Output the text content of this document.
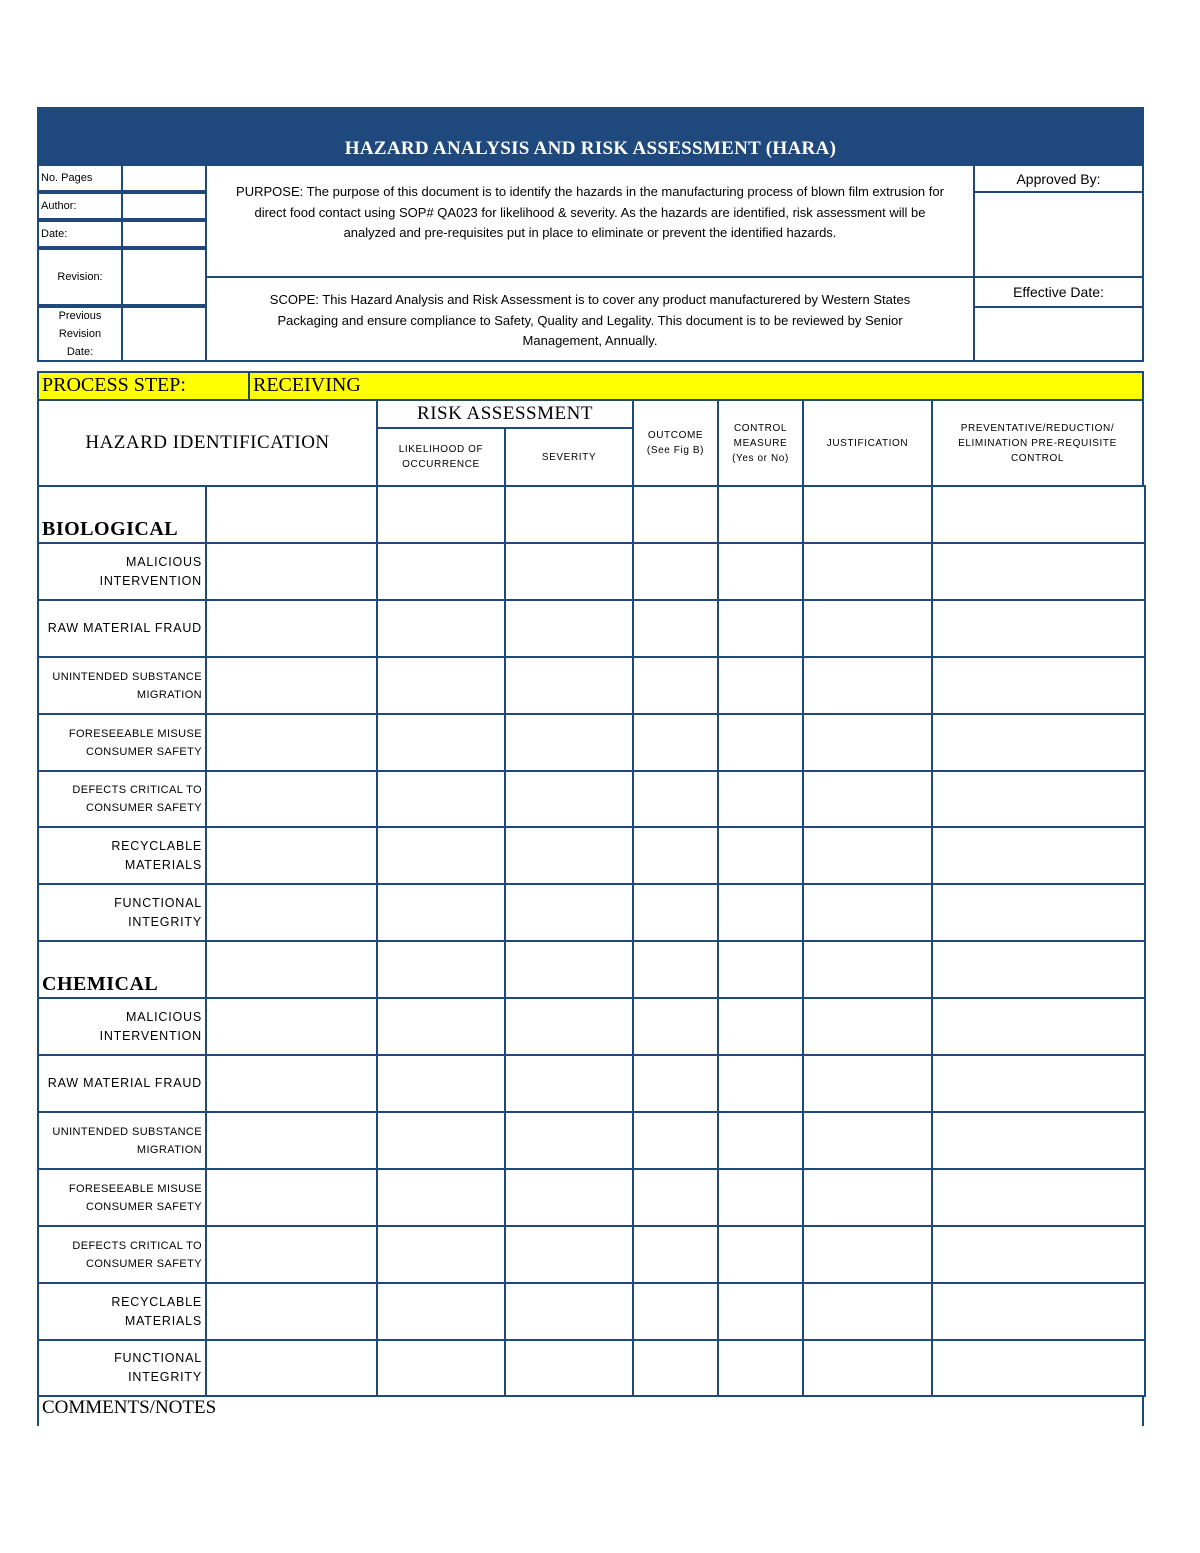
HAZARD ANALYSIS AND RISK ASSESSMENT (HARA)
No. Pages
Author:
Date:
Revision:
Previous Revision Date:
PURPOSE: The purpose of this document is to identify the hazards in the manufacturing process of blown film extrusion for direct food contact using SOP# QA023 for likelihood & severity. As the hazards are identified, risk assessment will be analyzed and pre-requisites put in place to eliminate or prevent the identified hazards.
SCOPE: This Hazard Analysis and Risk Assessment is to cover any product manufacturered by Western States Packaging and ensure compliance to Safety, Quality and Legality. This document is to be reviewed by Senior Management, Annually.
Approved By:
Effective Date:
PROCESS STEP:	RECEIVING
HAZARD IDENTIFICATION
RISK ASSESSMENT
LIKELIHOOD OF OCCURRENCE
SEVERITY
OUTCOME (See Fig B)
CONTROL MEASURE (Yes or No)
JUSTIFICATION
PREVENTATIVE/REDUCTION/ ELIMINATION PRE-REQUISITE CONTROL
BIOLOGICAL
MALICIOUS INTERVENTION
RAW MATERIAL FRAUD
UNINTENDED SUBSTANCE MIGRATION
FORESEEABLE MISUSE CONSUMER SAFETY
DEFECTS CRITICAL TO CONSUMER SAFETY
RECYCLABLE MATERIALS
FUNCTIONAL INTEGRITY
CHEMICAL
MALICIOUS INTERVENTION
RAW MATERIAL FRAUD
UNINTENDED SUBSTANCE MIGRATION
FORESEEABLE MISUSE CONSUMER SAFETY
DEFECTS CRITICAL TO CONSUMER SAFETY
RECYCLABLE MATERIALS
FUNCTIONAL INTEGRITY
COMMENTS/NOTES
